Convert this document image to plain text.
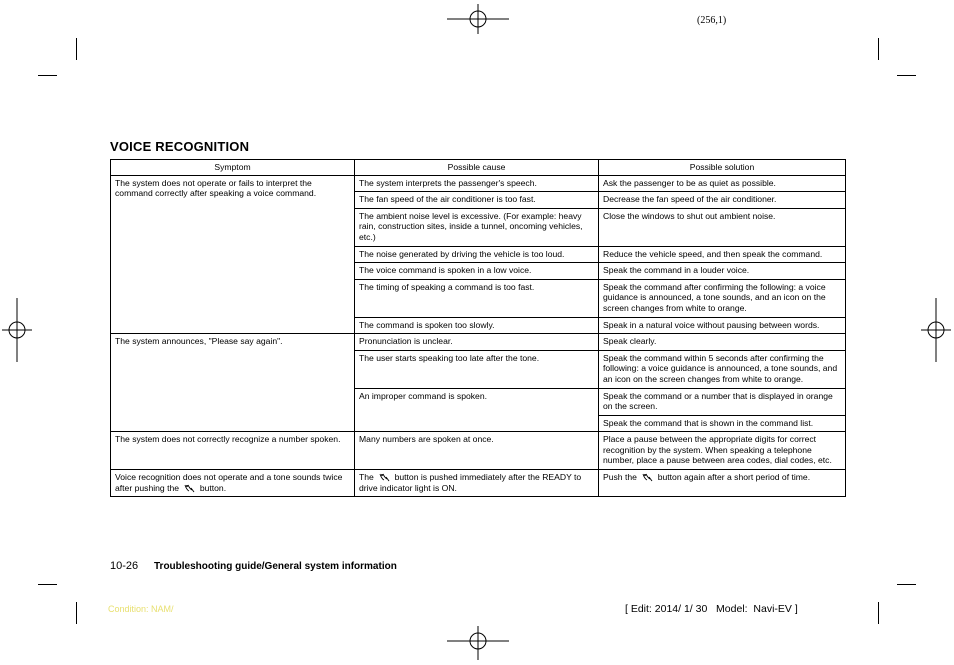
(256,1)
VOICE RECOGNITION
Symptom	Possible cause	Possible solution
The system does not operate or fails to interpret the command correctly after speaking a voice command.	The system interprets the passenger's speech.	Ask the passenger to be as quiet as possible.
	The fan speed of the air conditioner is too fast.	Decrease the fan speed of the air conditioner.
	The ambient noise level is excessive. (For example: heavy rain, construction sites, inside a tunnel, oncoming vehicles, etc.)	Close the windows to shut out ambient noise.
	The noise generated by driving the vehicle is too loud.	Reduce the vehicle speed, and then speak the command.
	The voice command is spoken in a low voice.	Speak the command in a louder voice.
	The timing of speaking a command is too fast.	Speak the command after confirming the following: a voice guidance is announced, a tone sounds, and an icon on the screen changes from white to orange.
	The command is spoken too slowly.	Speak in a natural voice without pausing between words.
The system announces, "Please say again".	Pronunciation is unclear.	Speak clearly.
	The user starts speaking too late after the tone.	Speak the command within 5 seconds after confirming the following: a voice guidance is announced, a tone sounds, and an icon on the screen changes from white to orange.
	An improper command is spoken.	Speak the command or a number that is displayed in orange on the screen.
		Speak the command that is shown in the command list.
The system does not correctly recognize a number spoken.	Many numbers are spoken at once.	Place a pause between the appropriate digits for correct recognition by the system. When speaking a telephone number, place a pause between area codes, dial codes, etc.
Voice recognition does not operate and a tone sounds twice after pushing the button.	The button is pushed immediately after the READY to drive indicator light is ON.	Push the button again after a short period of time.
10-26 Troubleshooting guide/General system information
Condition: NAM/	[ Edit: 2014/ 1/ 30   Model:  Navi-EV ]
